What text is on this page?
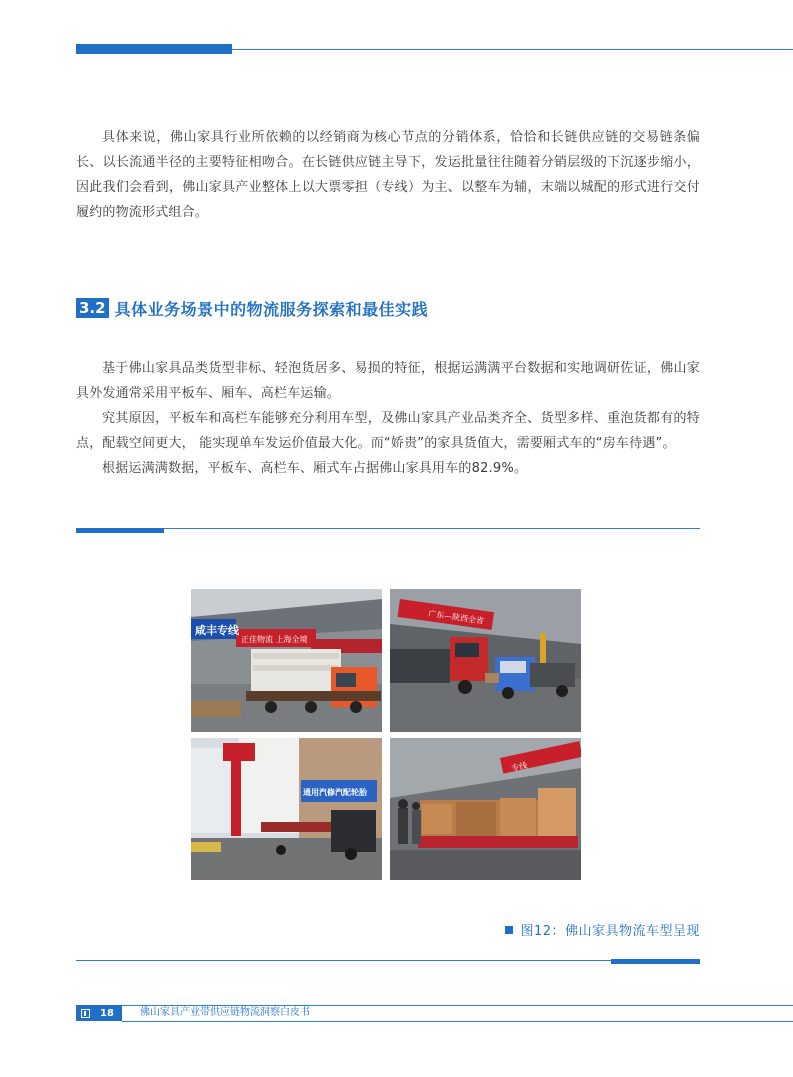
具体来说，佛山家具行业所依赖的以经销商为核心节点的分销体系，恰恰和长链供应链的交易链条偏长、以长流通半径的主要特征相吻合。在长链供应链主导下，发运批量往往随着分销层级的下沉逐步缩小，因此我们会看到，佛山家具产业整体上以大票零担（专线）为主、以整车为辅，末端以城配的形式进行交付履约的物流形式组合。

3.2 具体业务场景中的物流服务探索和最佳实践

基于佛山家具品类货型非标、轻泡货居多、易损的特征，根据运满满平台数据和实地调研佐证，佛山家具外发通常采用平板车、厢车、高栏车运输。

究其原因，平板车和高栏车能够充分利用车型，及佛山家具产业品类齐全、货型多样、重泡货都有的特点，配载空间更大， 能实现单车发运价值最大化。而“娇贵”的家具货值大，需要厢式车的“房车待遇”。

根据运满满数据，平板车、高栏车、厢式车占据佛山家具用车的82.9%。

咸丰专线
正佳物流 上海全境
广东—陕西全省
通用汽修汽配轮胎
专线
图12：佛山家具物流车型呈现
18	佛山家具产业带供应链物流洞察白皮书
